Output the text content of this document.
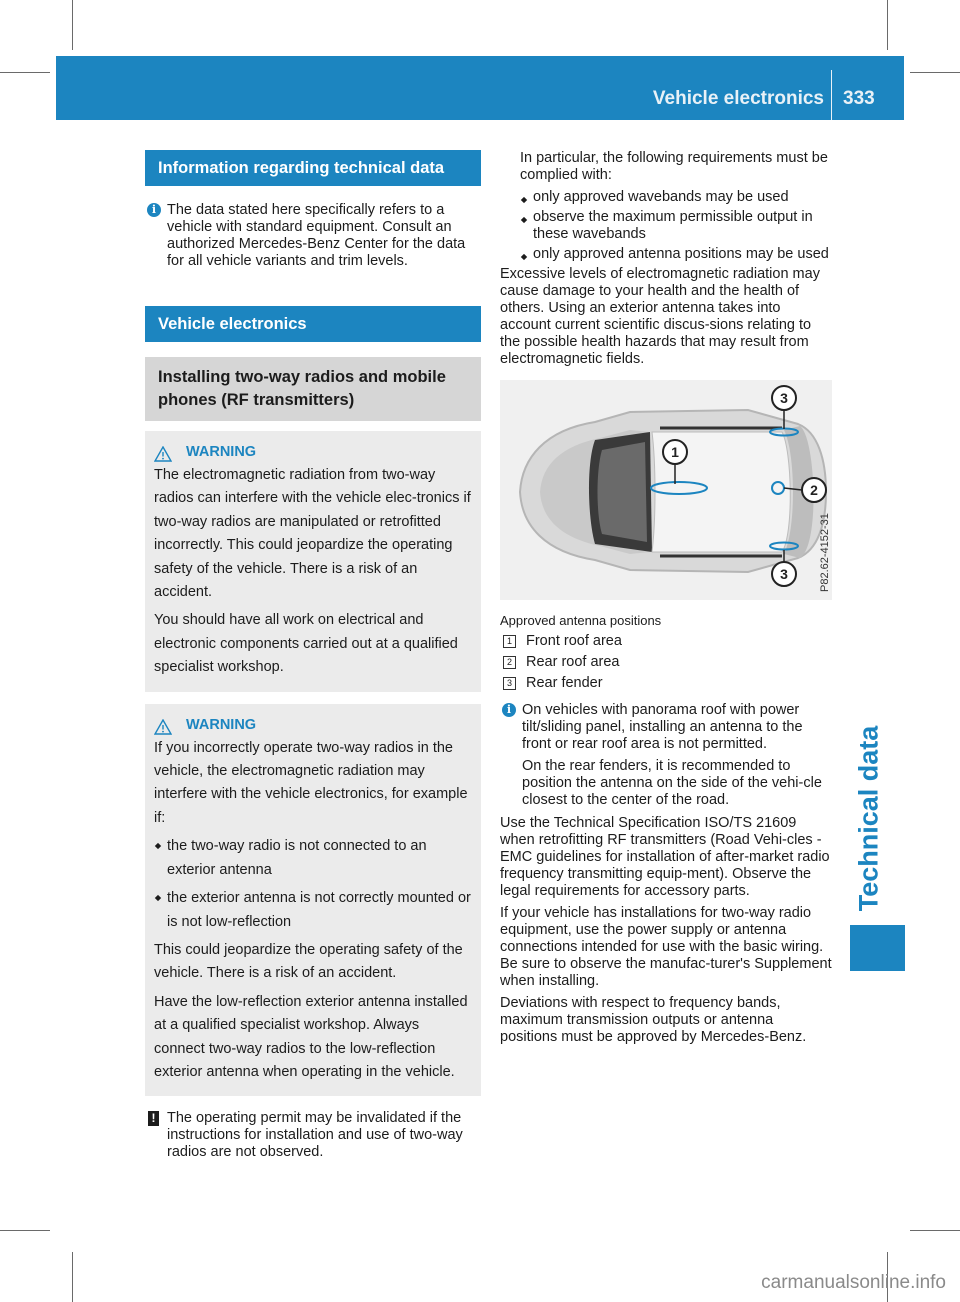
Vehicle electronics 333
Technical data
Information regarding technical data
i The data stated here specifically refers to a vehicle with standard equipment. Consult an authorized Mercedes-Benz Center for the data for all vehicle variants and trim levels.
Vehicle electronics
Installing two-way radios and mobile phones (RF transmitters)
WARNING

The electromagnetic radiation from two-way radios can interfere with the vehicle elec-tronics if two-way radios are manipulated or retrofitted incorrectly. This could jeopardize the operating safety of the vehicle. There is a risk of an accident.

You should have all work on electrical and electronic components carried out at a qualified specialist workshop.

WARNING

If you incorrectly operate two-way radios in the vehicle, the electromagnetic radiation may interfere with the vehicle electronics, for example if:

the two-way radio is not connected to an exterior antenna
the exterior antenna is not correctly mounted or is not low-reflection

This could jeopardize the operating safety of the vehicle. There is a risk of an accident.

Have the low-reflection exterior antenna installed at a qualified specialist workshop. Always connect two-way radios to the low-reflection exterior antenna when operating in the vehicle.

! The operating permit may be invalidated if the instructions for installation and use of two-way radios are not observed.

In particular, the following requirements must be complied with:

only approved wavebands may be used
observe the maximum permissible output in these wavebands
only approved antenna positions may be used

Excessive levels of electromagnetic radiation may cause damage to your health and the health of others. Using an exterior antenna takes into account current scientific discus-sions relating to the possible health hazards that may result from electromagnetic fields.

1
2
3
3	P82.62-4152-31

Approved antenna positions

1 Front roof area
2 Rear roof area
3 Rear fender
i On vehicles with panorama roof with power tilt/sliding panel, installing an antenna to the front or rear roof area is not permitted.

On the rear fenders, it is recommended to position the antenna on the side of the vehi-cle closest to the center of the road.

Use the Technical Specification ISO/TS 21609 when retrofitting RF transmitters (Road Vehi-cles - EMC guidelines for installation of after-market radio frequency transmitting equip-ment). Observe the legal requirements for accessory parts.

If your vehicle has installations for two-way radio equipment, use the power supply or antenna connections intended for use with the basic wiring. Be sure to observe the manufac-turer's Supplement when installing.

Deviations with respect to frequency bands, maximum transmission outputs or antenna positions must be approved by Mercedes-Benz.

carmanualsonline.info
